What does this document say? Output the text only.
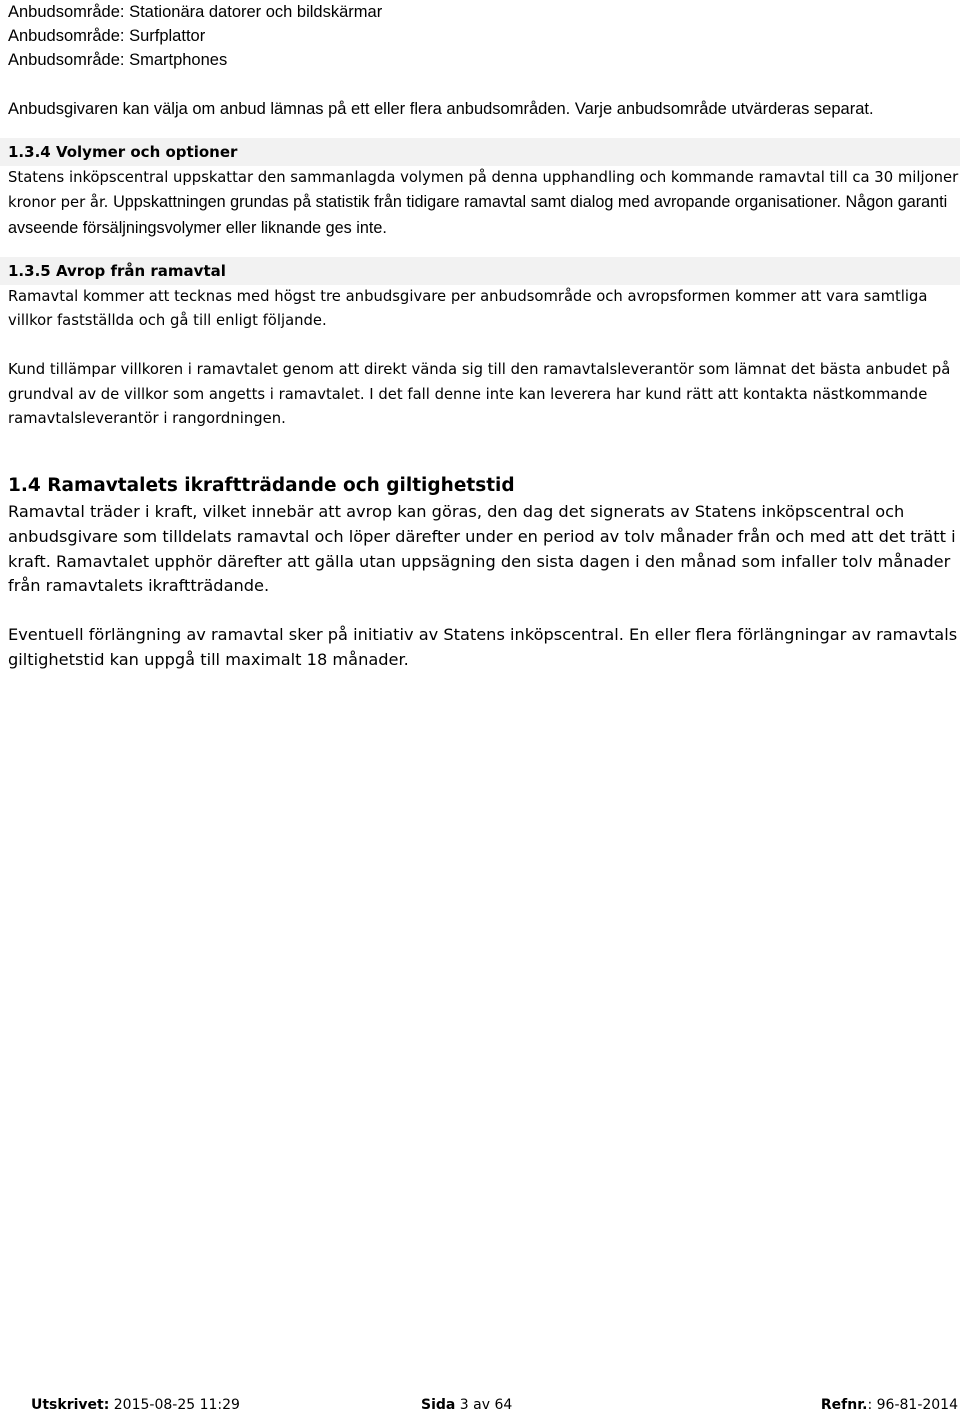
Anbudsområde: Stationära datorer och bildskärmar

Anbudsområde: Surfplattor

Anbudsområde: Smartphones

Anbudsgivaren kan välja om anbud lämnas på ett eller flera anbudsområden. Varje anbudsområde utvärderas separat.

1.3.4 Volymer och optioner

Statens inköpscentral uppskattar den sammanlagda volymen på denna upphandling och kommande ramavtal till ca 30 miljoner kronor per år. Uppskattningen grundas på statistik från tidigare ramavtal samt dialog med avropande organisationer. Någon garanti avseende försäljningsvolymer eller liknande ges inte.

1.3.5 Avrop från ramavtal

Ramavtal kommer att tecknas med högst tre anbudsgivare per anbudsområde och avropsformen kommer att vara samtliga villkor fastställda och gå till enligt följande.

Kund tillämpar villkoren i ramavtalet genom att direkt vända sig till den ramavtalsleverantör som lämnat det bästa anbudet på grundval av de villkor som angetts i ramavtalet. I det fall denne inte kan leverera har kund rätt att kontakta nästkommande ramavtalsleverantör i rangordningen.

1.4 Ramavtalets ikraftträdande och giltighetstid

Ramavtal träder i kraft, vilket innebär att avrop kan göras, den dag det signerats av Statens inköpscentral och anbudsgivare som tilldelats ramavtal och löper därefter under en period av tolv månader från och med att det trätt i kraft. Ramavtalet upphör därefter att gälla utan uppsägning den sista dagen i den månad som infaller tolv månader från ramavtalets ikraftträdande.

Eventuell förlängning av ramavtal sker på initiativ av Statens inköpscentral. En eller flera förlängningar av ramavtals giltighetstid kan uppgå till maximalt 18 månader.

Utskrivet: 2015-08-25 11:29	Sida 3 av 64	Refnr.: 96-81-2014
